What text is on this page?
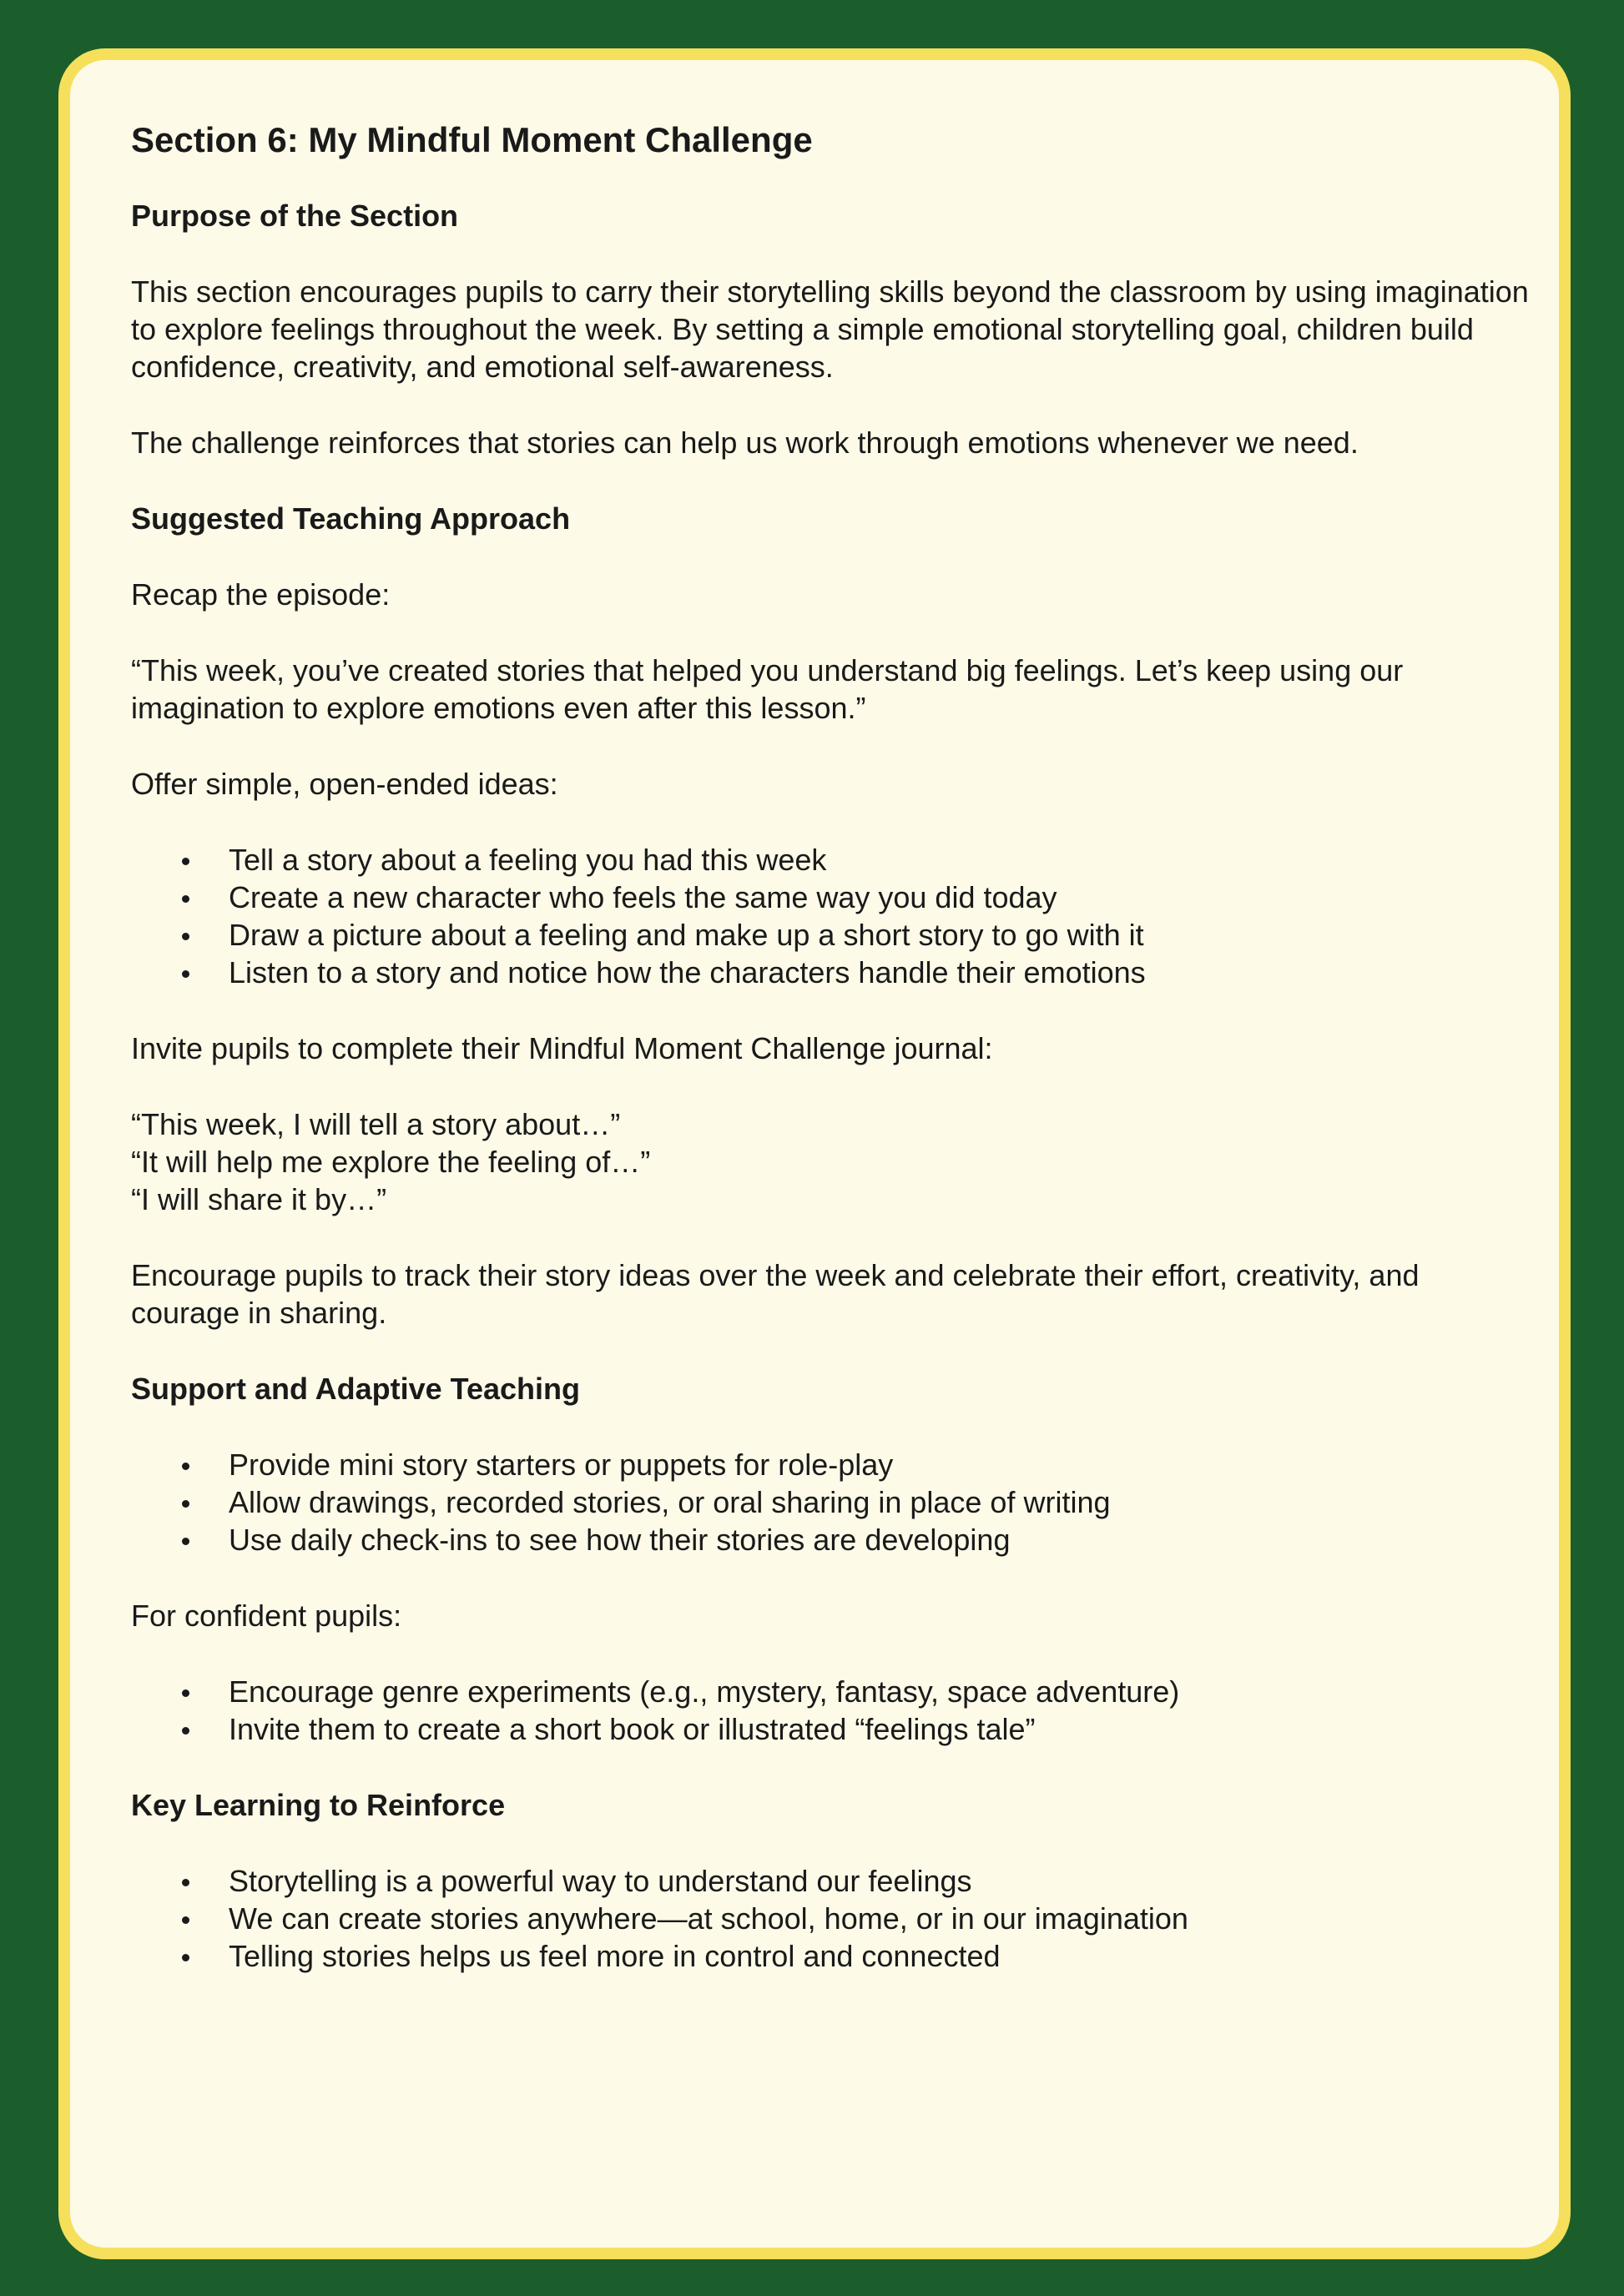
Section 6: My Mindful Moment Challenge
Purpose of the Section

This section encourages pupils to carry their storytelling skills beyond the classroom by using imagination to explore feelings throughout the week. By setting a simple emotional storytelling goal, children build confidence, creativity, and emotional self-awareness.

The challenge reinforces that stories can help us work through emotions whenever we need.

Suggested Teaching Approach

Recap the episode:

“This week, you’ve created stories that helped you understand big feelings. Let’s keep using our imagination to explore emotions even after this lesson.”

Offer simple, open-ended ideas:

Tell a story about a feeling you had this week
Create a new character who feels the same way you did today
Draw a picture about a feeling and make up a short story to go with it
Listen to a story and notice how the characters handle their emotions

Invite pupils to complete their Mindful Moment Challenge journal:

“This week, I will tell a story about…”
“It will help me explore the feeling of…”
“I will share it by…”

Encourage pupils to track their story ideas over the week and celebrate their effort, creativity, and courage in sharing.

Support and Adaptive Teaching
Provide mini story starters or puppets for role-play
Allow drawings, recorded stories, or oral sharing in place of writing
Use daily check-ins to see how their stories are developing

For confident pupils:

Encourage genre experiments (e.g., mystery, fantasy, space adventure)
Invite them to create a short book or illustrated “feelings tale”
Key Learning to Reinforce
Storytelling is a powerful way to understand our feelings
We can create stories anywhere—at school, home, or in our imagination
Telling stories helps us feel more in control and connected
